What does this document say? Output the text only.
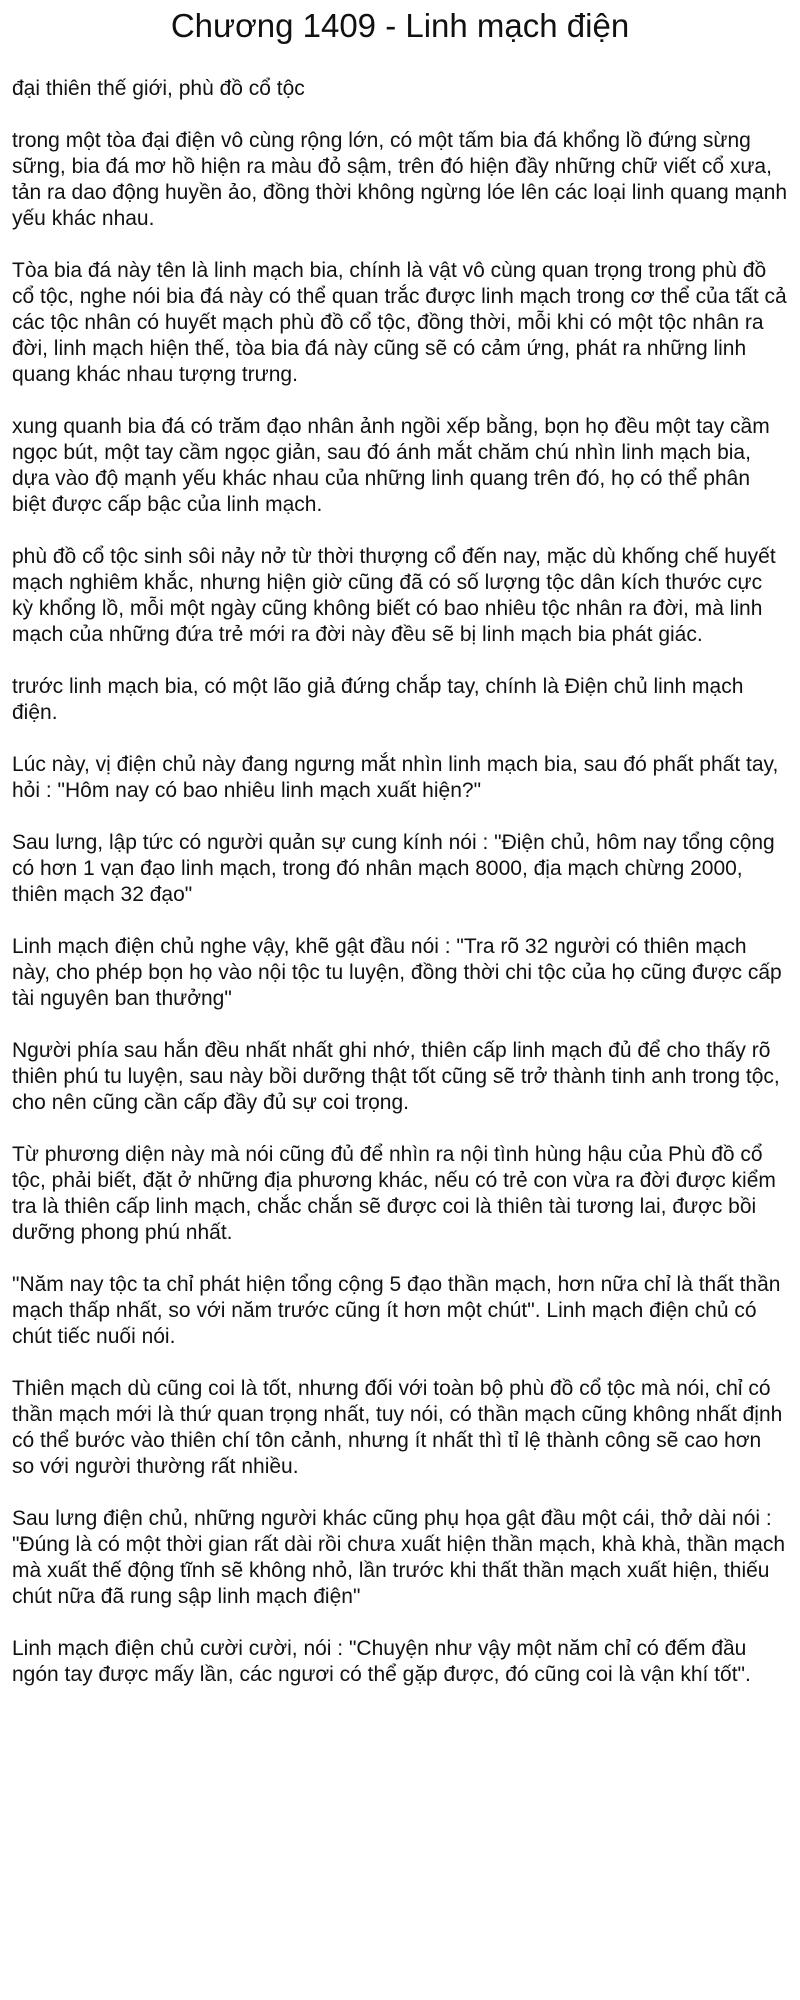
Chương 1409 - Linh mạch điện

đại thiên thế giới, phù đồ cổ tộc

trong một tòa đại điện vô cùng rộng lớn, có một tấm bia đá khổng lồ đứng sừng sững, bia đá mơ hồ hiện ra màu đỏ sậm, trên đó hiện đầy những chữ viết cổ xưa, tản ra dao động huyền ảo, đồng thời không ngừng lóe lên các loại linh quang mạnh yếu khác nhau.

Tòa bia đá này tên là linh mạch bia, chính là vật vô cùng quan trọng trong phù đồ cổ tộc, nghe nói bia đá này có thể quan trắc được linh mạch trong cơ thể của tất cả các tộc nhân có huyết mạch phù đồ cổ tộc, đồng thời, mỗi khi có một tộc nhân ra đời, linh mạch hiện thế, tòa bia đá này cũng sẽ có cảm ứng, phát ra những linh quang khác nhau tượng trưng.

xung quanh bia đá có trăm đạo nhân ảnh ngồi xếp bằng, bọn họ đều một tay cầm ngọc bút, một tay cầm ngọc giản, sau đó ánh mắt chăm chú nhìn linh mạch bia, dựa vào độ mạnh yếu khác nhau của những linh quang trên đó, họ có thể phân biệt được cấp bậc của linh mạch.

phù đồ cổ tộc sinh sôi nảy nở từ thời thượng cổ đến nay, mặc dù khống chế huyết mạch nghiêm khắc, nhưng hiện giờ cũng đã có số lượng tộc dân kích thước cực kỳ khổng lồ, mỗi một ngày cũng không biết có bao nhiêu tộc nhân ra đời, mà linh mạch của những đứa trẻ mới ra đời này đều sẽ bị linh mạch bia phát giác.

trước linh mạch bia, có một lão giả đứng chắp tay, chính là Điện chủ linh mạch điện.

Lúc này, vị điện chủ này đang ngưng mắt nhìn linh mạch bia, sau đó phất phất tay, hỏi : "Hôm nay có bao nhiêu linh mạch xuất hiện?"

Sau lưng, lập tức có người quản sự cung kính nói : "Điện chủ, hôm nay tổng cộng có hơn 1 vạn đạo linh mạch, trong đó nhân mạch 8000, địa mạch chừng 2000, thiên mạch 32 đạo"

Linh mạch điện chủ nghe vậy, khẽ gật đầu nói : "Tra rõ 32 người có thiên mạch này, cho phép bọn họ vào nội tộc tu luyện, đồng thời chi tộc của họ cũng được cấp tài nguyên ban thưởng"

Người phía sau hắn đều nhất nhất ghi nhớ, thiên cấp linh mạch đủ để cho thấy rõ thiên phú tu luyện, sau này bồi dưỡng thật tốt cũng sẽ trở thành tinh anh trong tộc, cho nên cũng cần cấp đầy đủ sự coi trọng.

Từ phương diện này mà nói cũng đủ để nhìn ra nội tình hùng hậu của Phù đồ cổ tộc, phải biết, đặt ở những địa phương khác, nếu có trẻ con vừa ra đời được kiểm tra là thiên cấp linh mạch, chắc chắn sẽ được coi là thiên tài tương lai, được bồi dưỡng phong phú nhất.

"Năm nay tộc ta chỉ phát hiện tổng cộng 5 đạo thần mạch, hơn nữa chỉ là thất thần mạch thấp nhất, so với năm trước cũng ít hơn một chút". Linh mạch điện chủ có chút tiếc nuối nói.

Thiên mạch dù cũng coi là tốt, nhưng đối với toàn bộ phù đồ cổ tộc mà nói, chỉ có thần mạch mới là thứ quan trọng nhất, tuy nói, có thần mạch cũng không nhất định có thể bước vào thiên chí tôn cảnh, nhưng ít nhất thì tỉ lệ thành công sẽ cao hơn so với người thường rất nhiều.

Sau lưng điện chủ, những người khác cũng phụ họa gật đầu một cái, thở dài nói : "Đúng là có một thời gian rất dài rồi chưa xuất hiện thần mạch, khà khà, thần mạch mà xuất thế động tĩnh sẽ không nhỏ, lần trước khi thất thần mạch xuất hiện, thiếu chút nữa đã rung sập linh mạch điện"

Linh mạch điện chủ cười cười, nói : "Chuyện như vậy một năm chỉ có đếm đầu ngón tay được mấy lần, các ngươi có thể gặp được, đó cũng coi là vận khí tốt".
